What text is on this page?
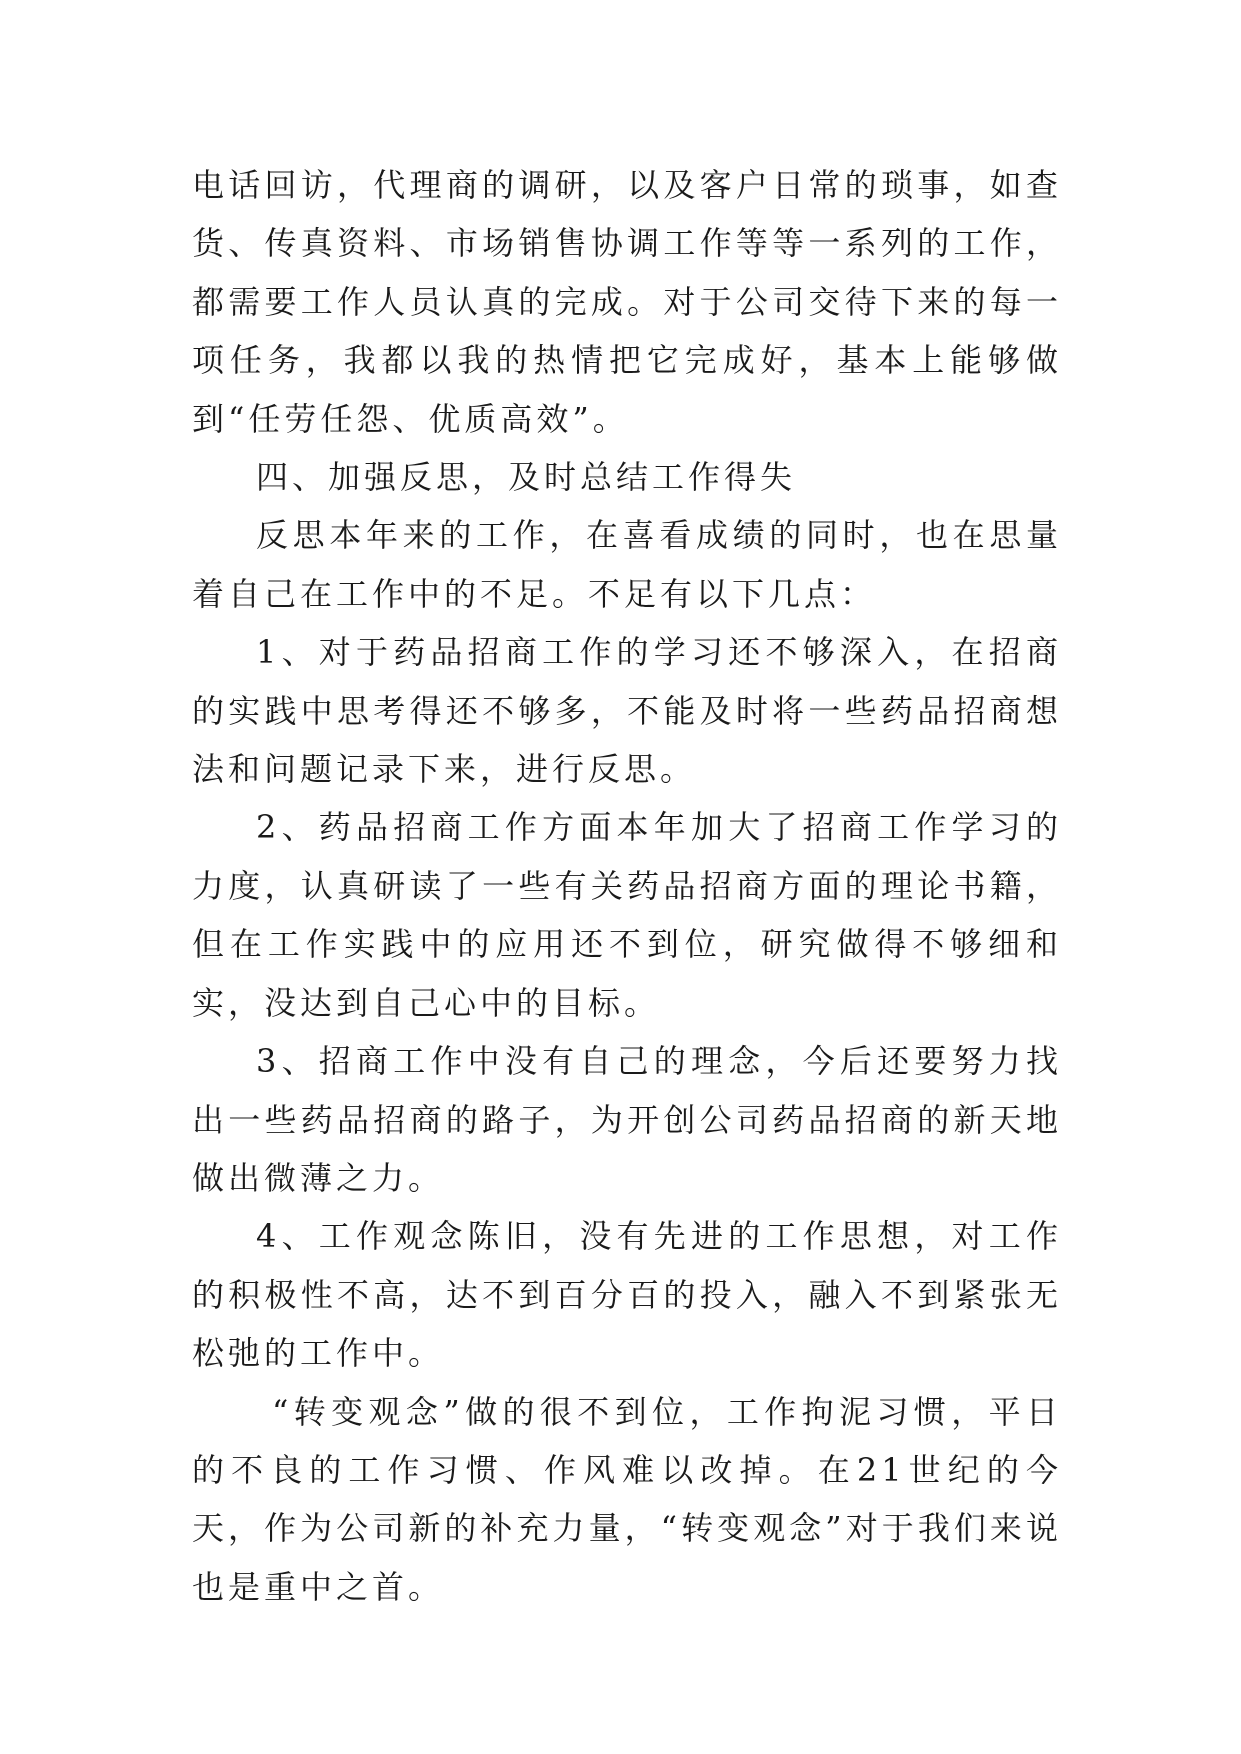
电话回访，代理商的调研，以及客户日常的琐事，如查货、传真资料、市场销售协调工作等等一系列的工作，都需要工作人员认真的完成。对于公司交待下来的每一项任务，我都以我的热情把它完成好，基本上能够做到“任劳任怨、优质高效”。

四、加强反思，及时总结工作得失

反思本年来的工作，在喜看成绩的同时，也在思量着自己在工作中的不足。不足有以下几点：

1、对于药品招商工作的学习还不够深入，在招商的实践中思考得还不够多，不能及时将一些药品招商想法和问题记录下来，进行反思。

2、药品招商工作方面本年加大了招商工作学习的力度，认真研读了一些有关药品招商方面的理论书籍，但在工作实践中的应用还不到位，研究做得不够细和实，没达到自己心中的目标。

3、招商工作中没有自己的理念，今后还要努力找出一些药品招商的路子，为开创公司药品招商的新天地做出微薄之力。

4、工作观念陈旧，没有先进的工作思想，对工作的积极性不高，达不到百分百的投入，融入不到紧张无松弛的工作中。

“转变观念”做的很不到位，工作拘泥习惯，平日的不良的工作习惯、作风难以改掉。在21世纪的今天，作为公司新的补充力量，“转变观念”对于我们来说也是重中之首。
